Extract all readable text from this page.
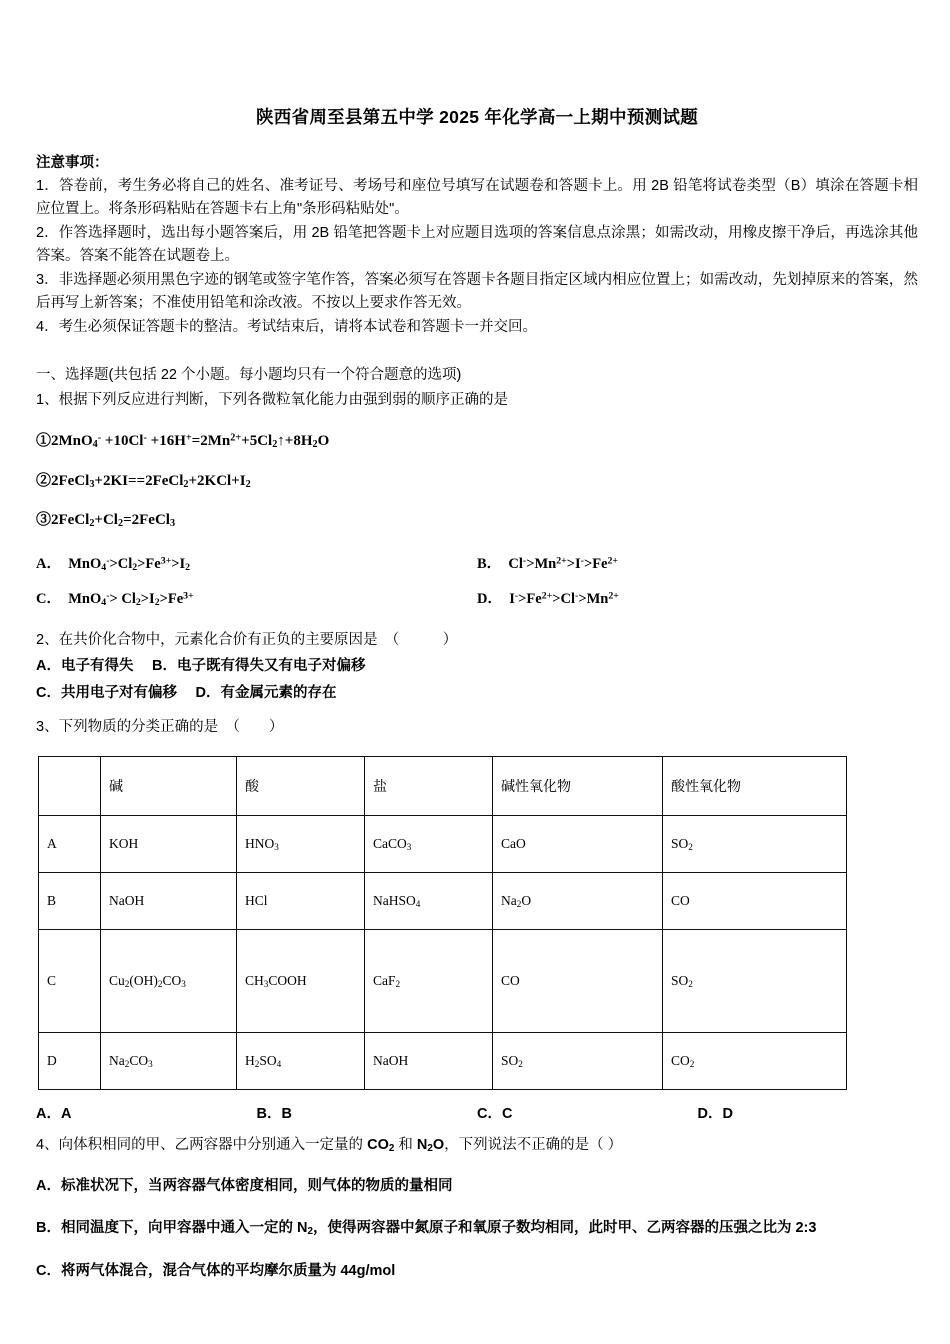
陕西省周至县第五中学 2025 年化学高一上期中预测试题
注意事项：
1．答卷前，考生务必将自己的姓名、准考证号、考场号和座位号填写在试题卷和答题卡上。用 2B 铅笔将试卷类型（B）填涂在答题卡相应位置上。将条形码粘贴在答题卡右上角"条形码粘贴处"。
2．作答选择题时，选出每小题答案后，用 2B 铅笔把答题卡上对应题目选项的答案信息点涂黑；如需改动，用橡皮擦干净后，再选涂其他答案。答案不能答在试题卷上。
3．非选择题必须用黑色字迹的钢笔或签字笔作答，答案必须写在答题卡各题目指定区域内相应位置上；如需改动，先划掉原来的答案，然后再写上新答案；不准使用铅笔和涂改液。不按以上要求作答无效。
4．考生必须保证答题卡的整洁。考试结束后，请将本试卷和答题卡一并交回。
一、选择题(共包括 22 个小题。每小题均只有一个符合题意的选项)
1、根据下列反应进行判断，下列各微粒氧化能力由强到弱的顺序正确的是
①2MnO$_4$- $+10Cl^- +16H^+=2Mn^{2+}+5Cl_2↑+8H_2O$
$②2FeCl_3+2KI==2FeCl_2+2KCl+I_2$
$③2FeCl_2+Cl_2=2FeCl_3$
A．  $MnO_4^->Cl_2>Fe^{3+}>I_2$	B．  $Cl^->Mn^{2+}>I^->Fe^{2+}$
C．  $MnO_4^-> Cl_2>I_2>Fe^{3+}$	D．  $I^->Fe^{2+}>Cl^->Mn^{2+}$
2、在共价化合物中，元素化合价有正负的主要原因是　（　　　）
A．电子有得失　 B．电子既有得失又有电子对偏移
C．共用电子对有偏移　 D．有金属元素的存在
3、下列物质的分类正确的是　（　　）
	碱	酸	盐	碱性氧化物	酸性氧化物
A	KOH	$HNO_3$	CaCO$_3$	CaO	$SO_2$
B	NaOH	HCl	NaHSO$_4$	$Na_2O$	CO
C	$Cu_2(OH)_2CO_3$	$CH_3COOH$	CaF$_2$	CO	$SO_2$
D	$Na_2CO_3$	$H_2SO_4$	NaOH	$SO_2$	$CO_2$
A．A	B．B	C．C	D．D
4、向体积相同的甲、乙两容器中分别通入一定量的 $CO_2$ 和 $N_2O$，下列说法不正确的是（ ）
A．标准状况下，当两容器气体密度相同，则气体的物质的量相同
B．相同温度下，向甲容器中通入一定的 $N_2$，使得两容器中氮原子和氧原子数均相同，此时甲、乙两容器的压强之比为 2:3
C．将两气体混合，混合气体的平均摩尔质量为 44g/mol
